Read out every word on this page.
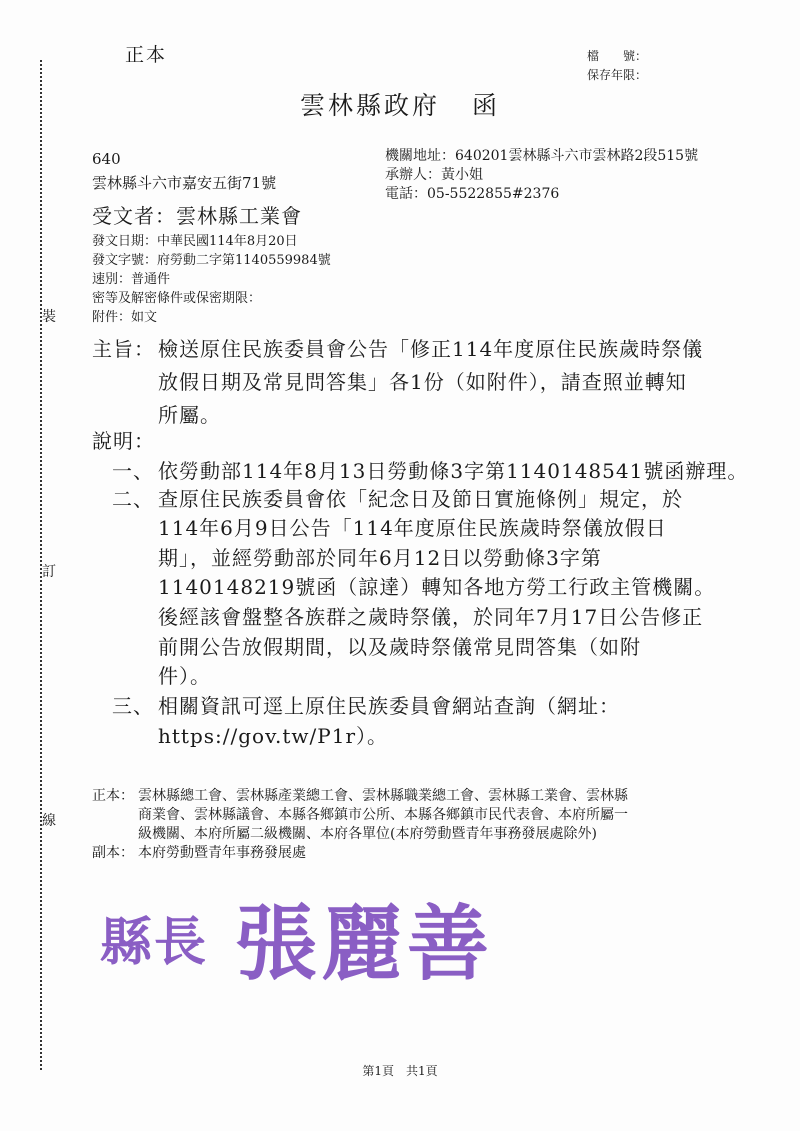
裝
訂
線
正本	檔　　號：
保存年限：
雲林縣政府 函
640
雲林縣斗六市嘉安五街71號
機關地址：640201雲林縣斗六市雲林路2段515號
承辦人：黃小姐
電話：05-5522855#2376
受文者：雲林縣工業會
發文日期：中華民國114年8月20日
發文字號：府勞動二字第1140559984號
速別：普通件
密等及解密條件或保密期限：
附件：如文
主旨： 檢送原住民族委員會公告「修正114年度原住民族歲時祭儀
放假日期及常見問答集」各1份（如附件），請查照並轉知
所屬。
說明：
一、 依勞動部114年8月13日勞動條3字第1140148541號函辦理。
二、 查原住民族委員會依「紀念日及節日實施條例」規定，於
114年6月9日公告「114年度原住民族歲時祭儀放假日
期」，並經勞動部於同年6月12日以勞動條3字第
1140148219號函（諒達）轉知各地方勞工行政主管機關。
後經該會盤整各族群之歲時祭儀，於同年7月17日公告修正
前開公告放假期間，以及歲時祭儀常見問答集（如附
件）。
三、 相關資訊可逕上原住民族委員會網站查詢（網址：
https://gov.tw/P1r）。
正本： 雲林縣總工會、雲林縣產業總工會、雲林縣職業總工會、雲林縣工業會、雲林縣
商業會、雲林縣議會、本縣各鄉鎮市公所、本縣各鄉鎮市民代表會、本府所屬一
級機關、本府所屬二級機關、本府各單位(本府勞動暨青年事務發展處除外)
副本： 本府勞動暨青年事務發展處
縣長 張麗善
第1頁　共1頁
